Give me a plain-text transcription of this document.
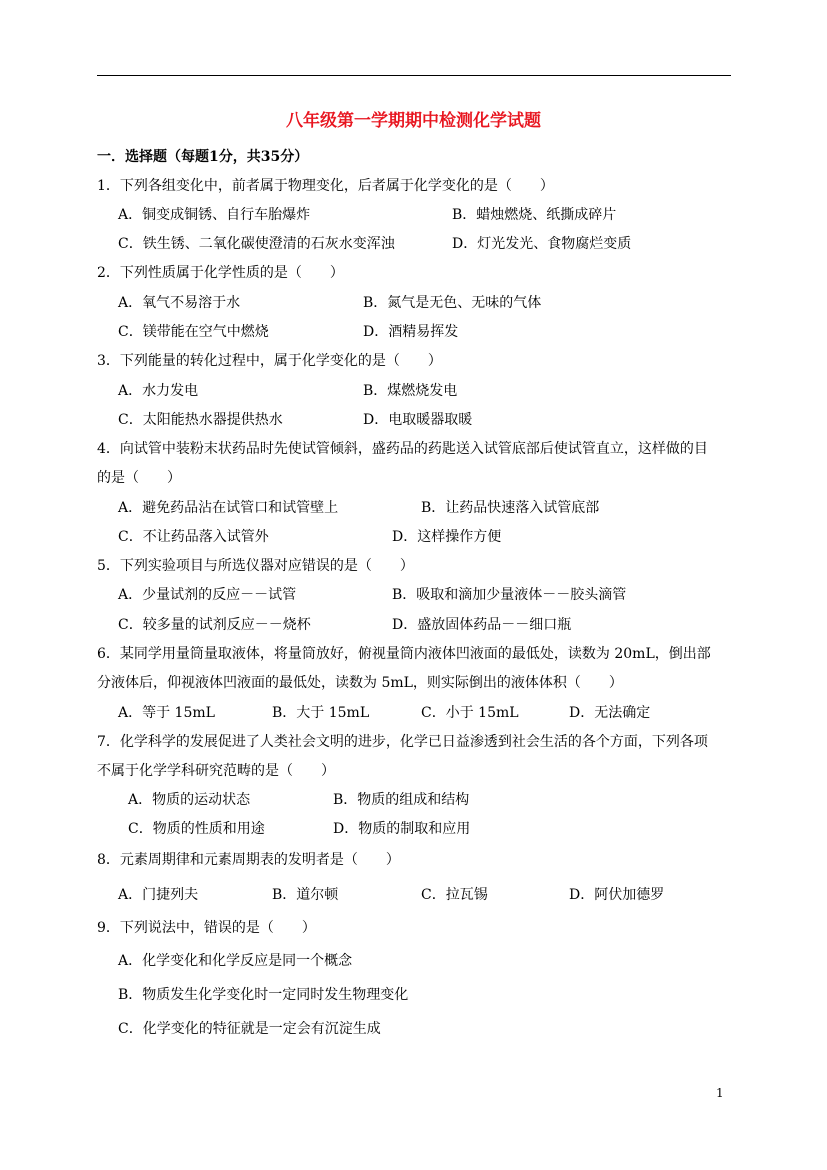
八年级第一学期期中检测化学试题
一．选择题（每题1分，共35分）
1．下列各组变化中，前者属于物理变化，后者属于化学变化的是（　　）
A．铜变成铜锈、自行车胎爆炸	B．蜡烛燃烧、纸撕成碎片
C．铁生锈、二氧化碳使澄清的石灰水变浑浊	D．灯光发光、食物腐烂变质
2．下列性质属于化学性质的是（　　）
A．氧气不易溶于水	B．氮气是无色、无味的气体
C．镁带能在空气中燃烧	D．酒精易挥发
3．下列能量的转化过程中，属于化学变化的是（　　）
A．水力发电	B．煤燃烧发电
C．太阳能热水器提供热水	D．电取暖器取暖
4．向试管中装粉末状药品时先使试管倾斜，盛药品的药匙送入试管底部后使试管直立，这样做的目
的是（　　）
A．避免药品沾在试管口和试管壁上	B．让药品快速落入试管底部
C．不让药品落入试管外	D．这样操作方便
5．下列实验项目与所选仪器对应错误的是（　　）
A．少量试剂的反应－－试管	B．吸取和滴加少量液体－－胶头滴管
C．较多量的试剂反应－－烧杯	D．盛放固体药品－－细口瓶
6．某同学用量筒量取液体，将量筒放好，俯视量筒内液体凹液面的最低处，读数为 20mL，倒出部
分液体后，仰视液体凹液面的最低处，读数为 5mL，则实际倒出的液体体积（　　）
A．等于 15mL	B．大于 15mL	C．小于 15mL	D．无法确定
7．化学科学的发展促进了人类社会文明的进步，化学已日益渗透到社会生活的各个方面，下列各项
不属于化学学科研究范畴的是（　　）
A．物质的运动状态	B．物质的组成和结构
C．物质的性质和用途	D．物质的制取和应用
8．元素周期律和元素周期表的发明者是（　　）
A．门捷列夫	B．道尔顿	C．拉瓦锡	D．阿伏加德罗
9．下列说法中，错误的是（　　）
A．化学变化和化学反应是同一个概念
B．物质发生化学变化时一定同时发生物理变化
C．化学变化的特征就是一定会有沉淀生成
1
